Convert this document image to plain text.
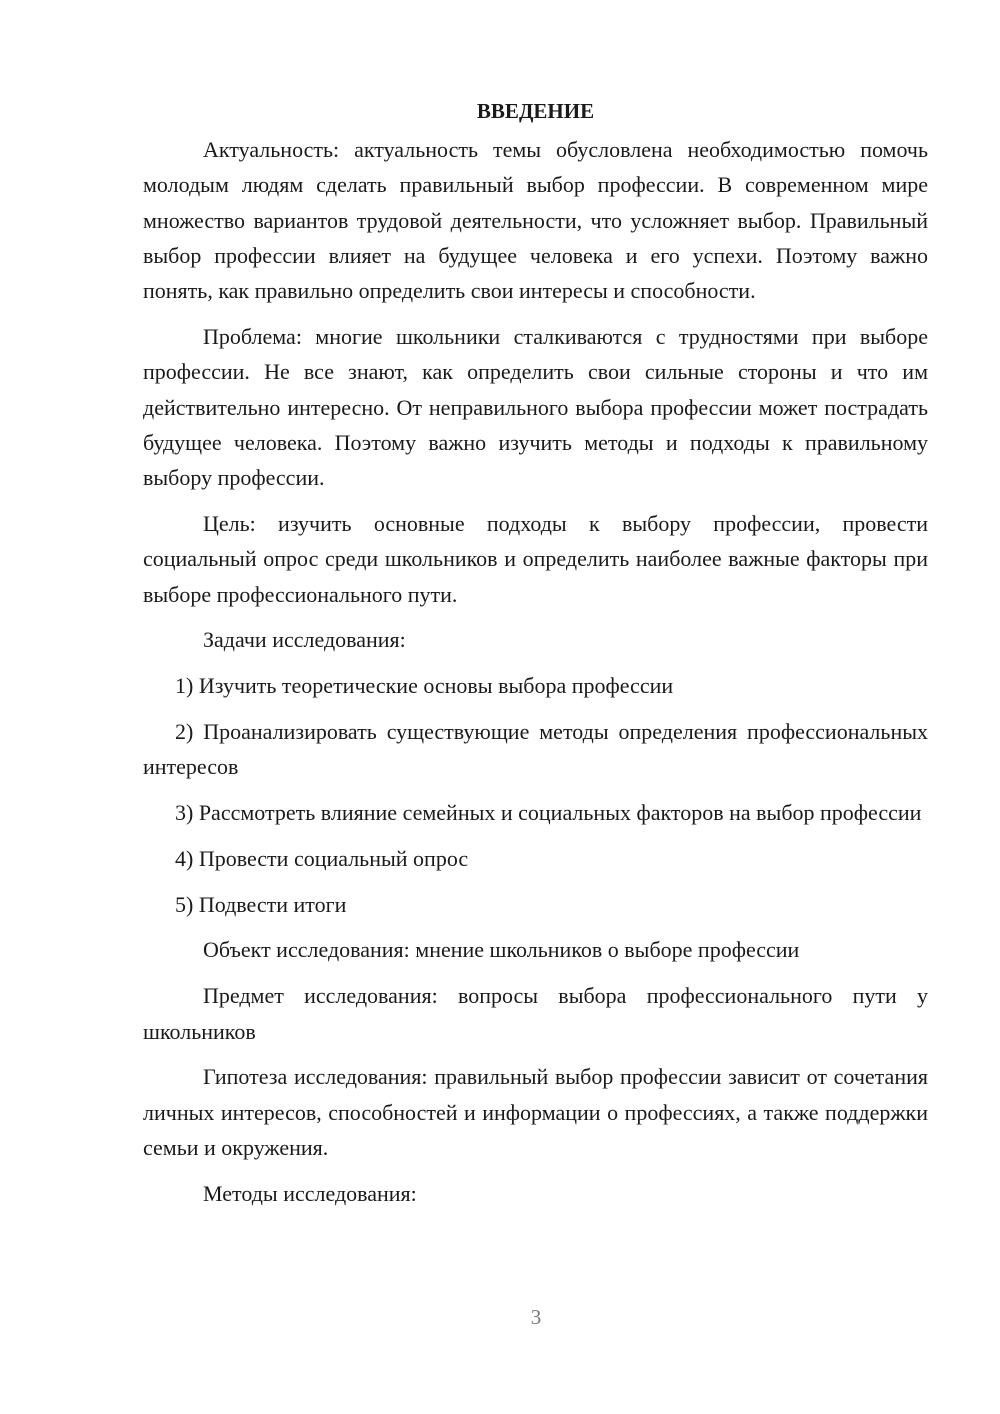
ВВЕДЕНИЕ

Актуальность: актуальность темы обусловлена необходимостью помочь молодым людям сделать правильный выбор профессии. В современном мире множество вариантов трудовой деятельности, что усложняет выбор. Правильный выбор профессии влияет на будущее человека и его успехи. Поэтому важно понять, как правильно определить свои интересы и способности.

Проблема: многие школьники сталкиваются с трудностями при выборе профессии. Не все знают, как определить свои сильные стороны и что им действительно интересно. От неправильного выбора профессии может пострадать будущее человека. Поэтому важно изучить методы и подходы к правильному выбору профессии.

Цель: изучить основные подходы к выбору профессии, провести социальный опрос среди школьников и определить наиболее важные факторы при выборе профессионального пути.

Задачи исследования:

1) Изучить теоретические основы выбора профессии

2) Проанализировать существующие методы определения профессиональных интересов

3) Рассмотреть влияние семейных и социальных факторов на выбор профессии

4) Провести социальный опрос

5) Подвести итоги

Объект исследования: мнение школьников о выборе профессии

Предмет исследования: вопросы выбора профессионального пути у школьников

Гипотеза исследования: правильный выбор профессии зависит от сочетания личных интересов, способностей и информации о профессиях, а также поддержки семьи и окружения.

Методы исследования:

3
